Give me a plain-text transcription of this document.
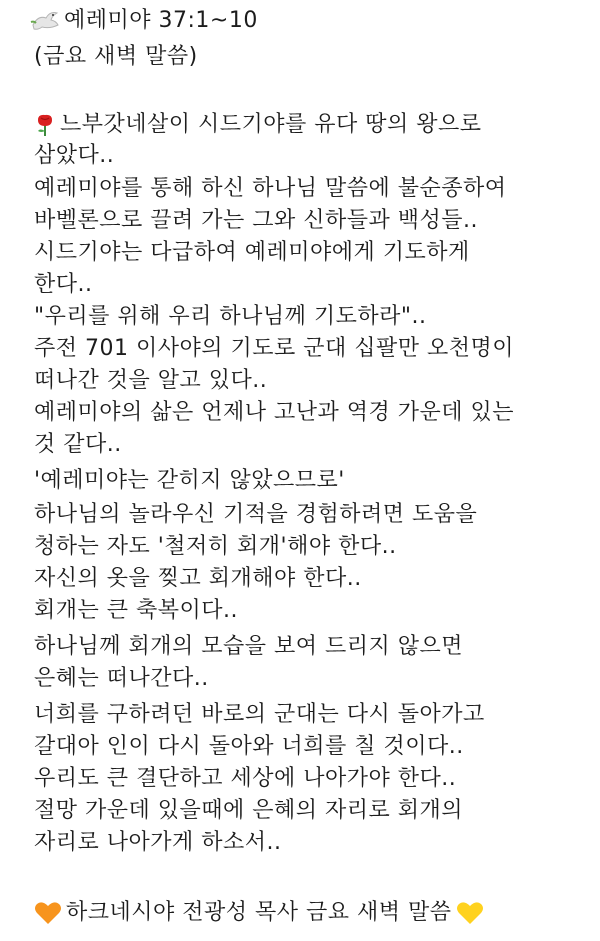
예레미야 37:1~10
(금요 새벽 말씀)
느부갓네살이 시드기야를 유다 땅의 왕으로
삼았다..
예레미야를 통해 하신 하나님 말씀에 불순종하여
바벨론으로 끌려 가는 그와 신하들과 백성들..
시드기야는 다급하여 예레미야에게 기도하게
한다..
"우리를 위해 우리 하나님께 기도하라"..
주전 701 이사야의 기도로 군대 십팔만 오천명이
떠나간 것을 알고 있다..
예레미야의 삶은 언제나 고난과 역경 가운데 있는
것 같다..
'예레미야는 갇히지 않았으므로'
하나님의 놀라우신 기적을 경험하려면 도움을
청하는 자도 '철저히 회개'해야 한다..
자신의 옷을 찢고 회개해야 한다..
회개는 큰 축복이다..
하나님께 회개의 모습을 보여 드리지 않으면
은혜는 떠나간다..
너희를 구하려던 바로의 군대는 다시 돌아가고
갈대아 인이 다시 돌아와 너희를 칠 것이다..
우리도 큰 결단하고 세상에 나아가야 한다..
절망 가운데 있을때에 은혜의 자리로 회개의
자리로 나아가게 하소서..
하크네시야 전광성 목사 금요 새벽 말씀
